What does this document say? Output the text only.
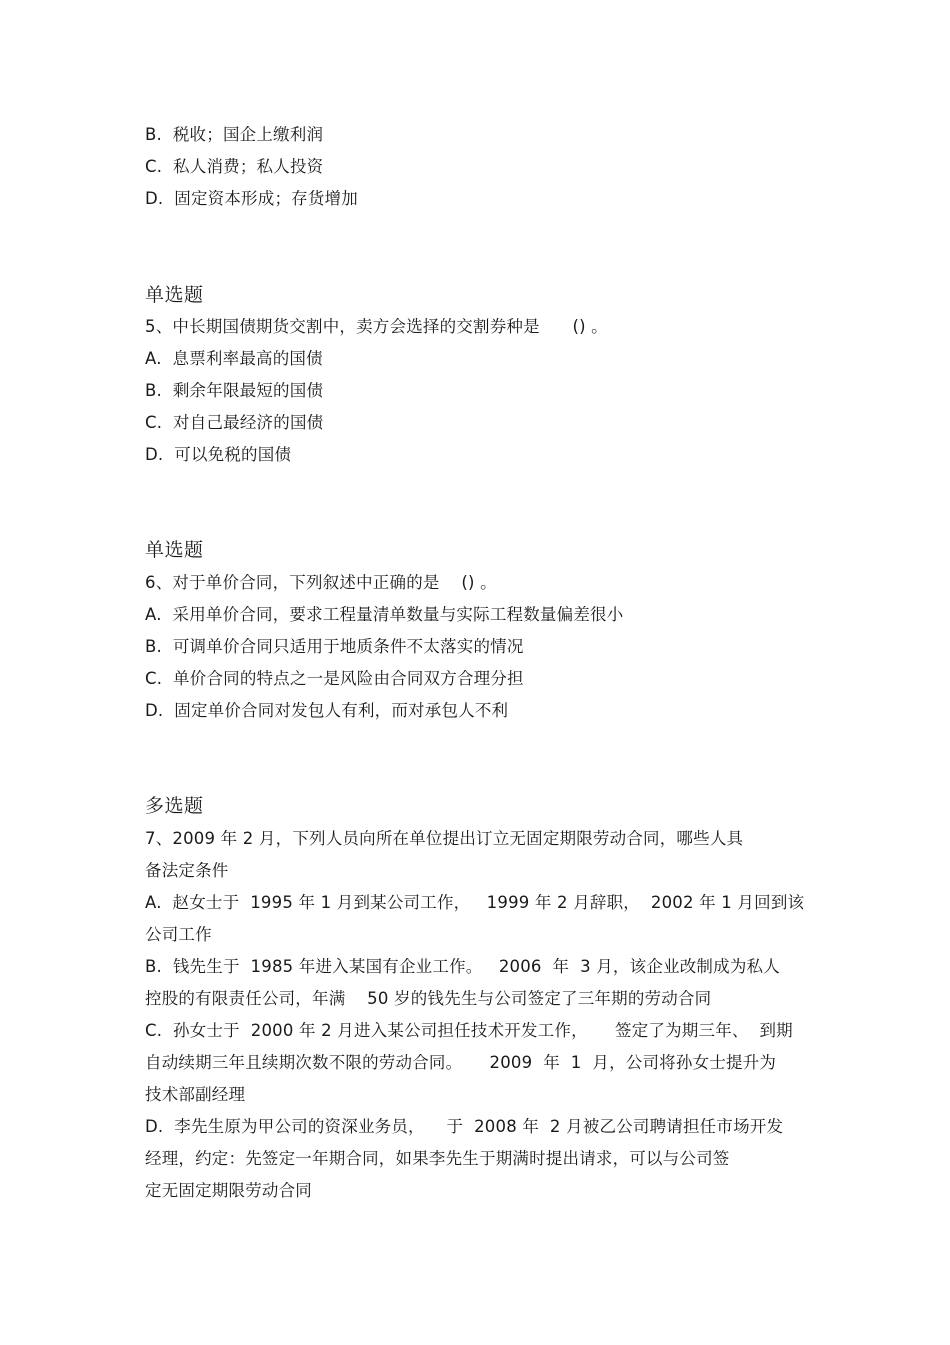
B.  税收；国企上缴利润
C.  私人消费；私人投资
D.  固定资本形成；存货增加
单选题
5、中长期国债期货交割中，卖方会选择的交割券种是      () 。
A.  息票利率最高的国债
B.  剩余年限最短的国债
C.  对自己最经济的国债
D.  可以免税的国债
单选题
6、对于单价合同，下列叙述中正确的是    () 。
A.  采用单价合同，要求工程量清单数量与实际工程数量偏差很小
B.  可调单价合同只适用于地质条件不太落实的情况
C.  单价合同的特点之一是风险由合同双方合理分担
D.  固定单价合同对发包人有利，而对承包人不利
多选题
7、2009 年 2 月，下列人员向所在单位提出订立无固定期限劳动合同，哪些人具
备法定条件
A.  赵女士于  1995 年 1 月到某公司工作，   1999 年 2 月辞职，  2002 年 1 月回到该
公司工作
B.  钱先生于  1985 年进入某国有企业工作。   2006  年  3 月，该企业改制成为私人
控股的有限责任公司，年满    50 岁的钱先生与公司签定了三年期的劳动合同
C.  孙女士于  2000 年 2 月进入某公司担任技术开发工作，     签定了为期三年、  到期
自动续期三年且续期次数不限的劳动合同。     2009  年  1  月，公司将孙女士提升为
技术部副经理
D.  李先生原为甲公司的资深业务员，    于  2008 年  2 月被乙公司聘请担任市场开发
经理，约定：先签定一年期合同，如果李先生于期满时提出请求，可以与公司签
定无固定期限劳动合同
